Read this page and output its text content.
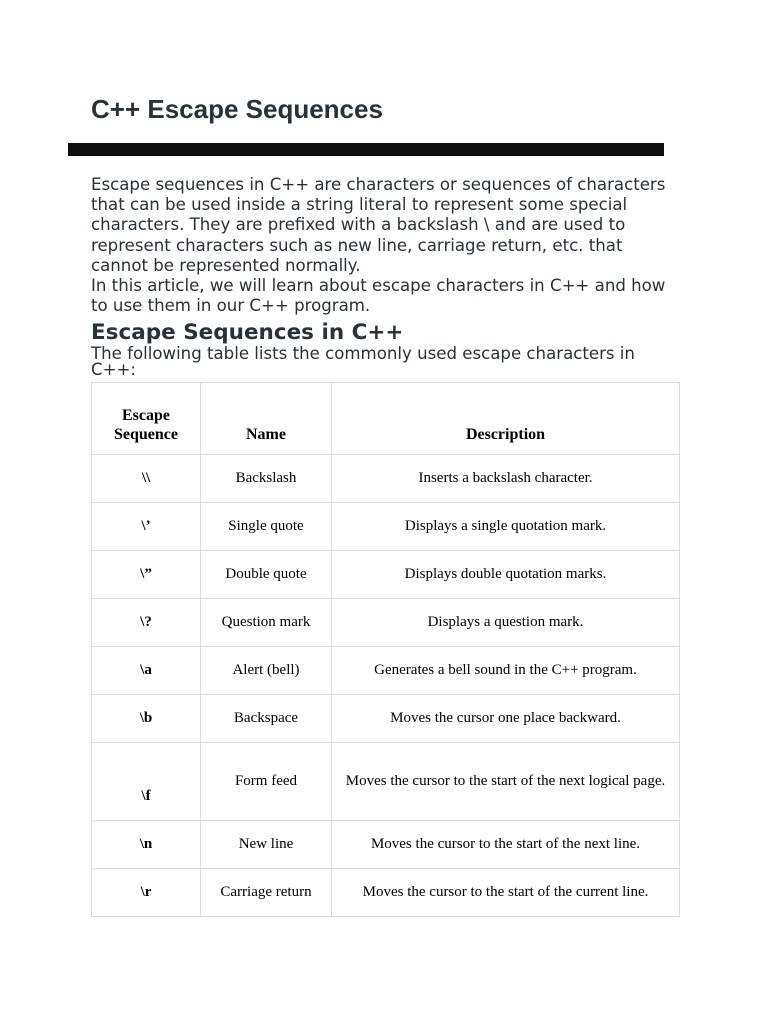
C++ Escape Sequences

Escape sequences in C++ are characters or sequences of characters that can be used inside a string literal to represent some special characters. They are prefixed with a backslash \ and are used to represent characters such as new line, carriage return, etc. that cannot be represented normally.

In this article, we will learn about escape characters in C++ and how to use them in our C++ program.

Escape Sequences in C++

The following table lists the commonly used escape characters in C++:

Escape Sequence	Name	Description
\\	Backslash	Inserts a backslash character.
\’	Single quote	Displays a single quotation mark.
\”	Double quote	Displays double quotation marks.
\?	Question mark	Displays a question mark.
\a	Alert (bell)	Generates a bell sound in the C++ program.
\b	Backspace	Moves the cursor one place backward.
\f	Form feed	Moves the cursor to the start of the next logical page.
\n	New line	Moves the cursor to the start of the next line.
\r	Carriage return	Moves the cursor to the start of the current line.
